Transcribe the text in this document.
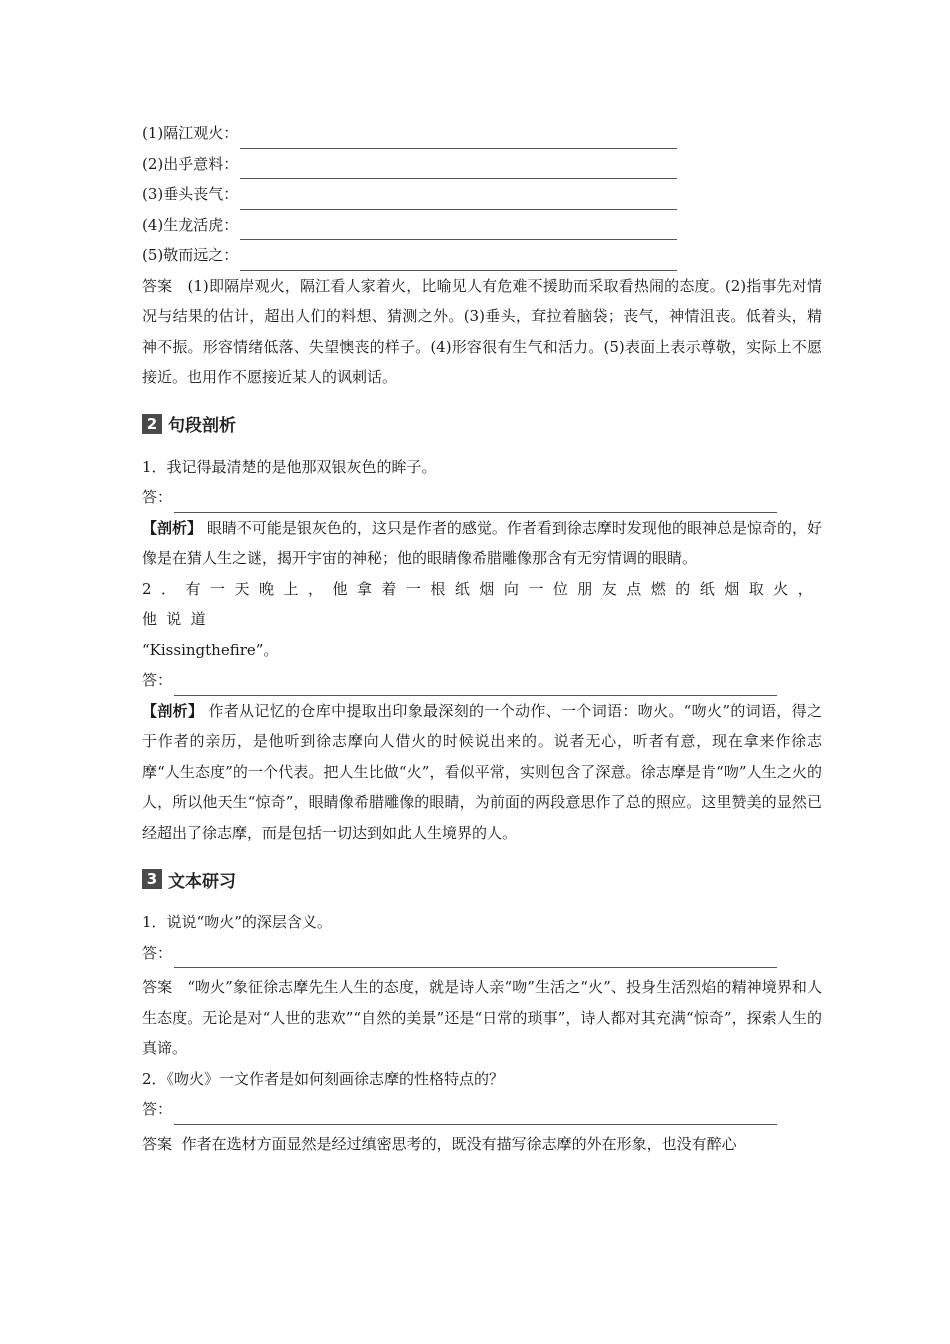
(1)隔江观火：
(2)出乎意料：
(3)垂头丧气：
(4)生龙活虎：
(5)敬而远之：
答案　(1)即隔岸观火，隔江看人家着火，比喻见人有危难不援助而采取看热闹的态度。(2)指事先对情况与结果的估计，超出人们的料想、猜测之外。(3)垂头，耷拉着脑袋；丧气，神情沮丧。低着头，精神不振。形容情绪低落、失望懊丧的样子。(4)形容很有生气和活力。(5)表面上表示尊敬，实际上不愿接近。也用作不愿接近某人的讽刺话。
2 句段剖析
1．我记得最清楚的是他那双银灰色的眸子。
答：
【剖析】 眼睛不可能是银灰色的，这只是作者的感觉。作者看到徐志摩时发现他的眼神总是惊奇的，好像是在猜人生之谜，揭开宇宙的神秘；他的眼睛像希腊雕像那含有无穷情调的眼睛。
2．有一天晚上，他拿着一根纸烟向一位朋友点燃的纸烟取火，他说道
“Kissingthefire”。
答：
【剖析】 作者从记忆的仓库中提取出印象最深刻的一个动作、一个词语：吻火。“吻火”的词语，得之于作者的亲历，是他听到徐志摩向人借火的时候说出来的。说者无心，听者有意，现在拿来作徐志摩“人生态度”的一个代表。把人生比做“火”，看似平常，实则包含了深意。徐志摩是肯“吻”人生之火的人，所以他天生“惊奇”，眼睛像希腊雕像的眼睛，为前面的两段意思作了总的照应。这里赞美的显然已经超出了徐志摩，而是包括一切达到如此人生境界的人。
3 文本研习
1．说说“吻火”的深层含义。
答：
答案　“吻火”象征徐志摩先生人生的态度，就是诗人亲“吻”生活之“火”、投身生活烈焰的精神境界和人生态度。无论是对“人世的悲欢”“自然的美景”还是“日常的琐事”，诗人都对其充满“惊奇”，探索人生的真谛。
2．《吻火》一文作者是如何刻画徐志摩的性格特点的？
答：
答案 作者在选材方面显然是经过缜密思考的，既没有描写徐志摩的外在形象，也没有醉心
